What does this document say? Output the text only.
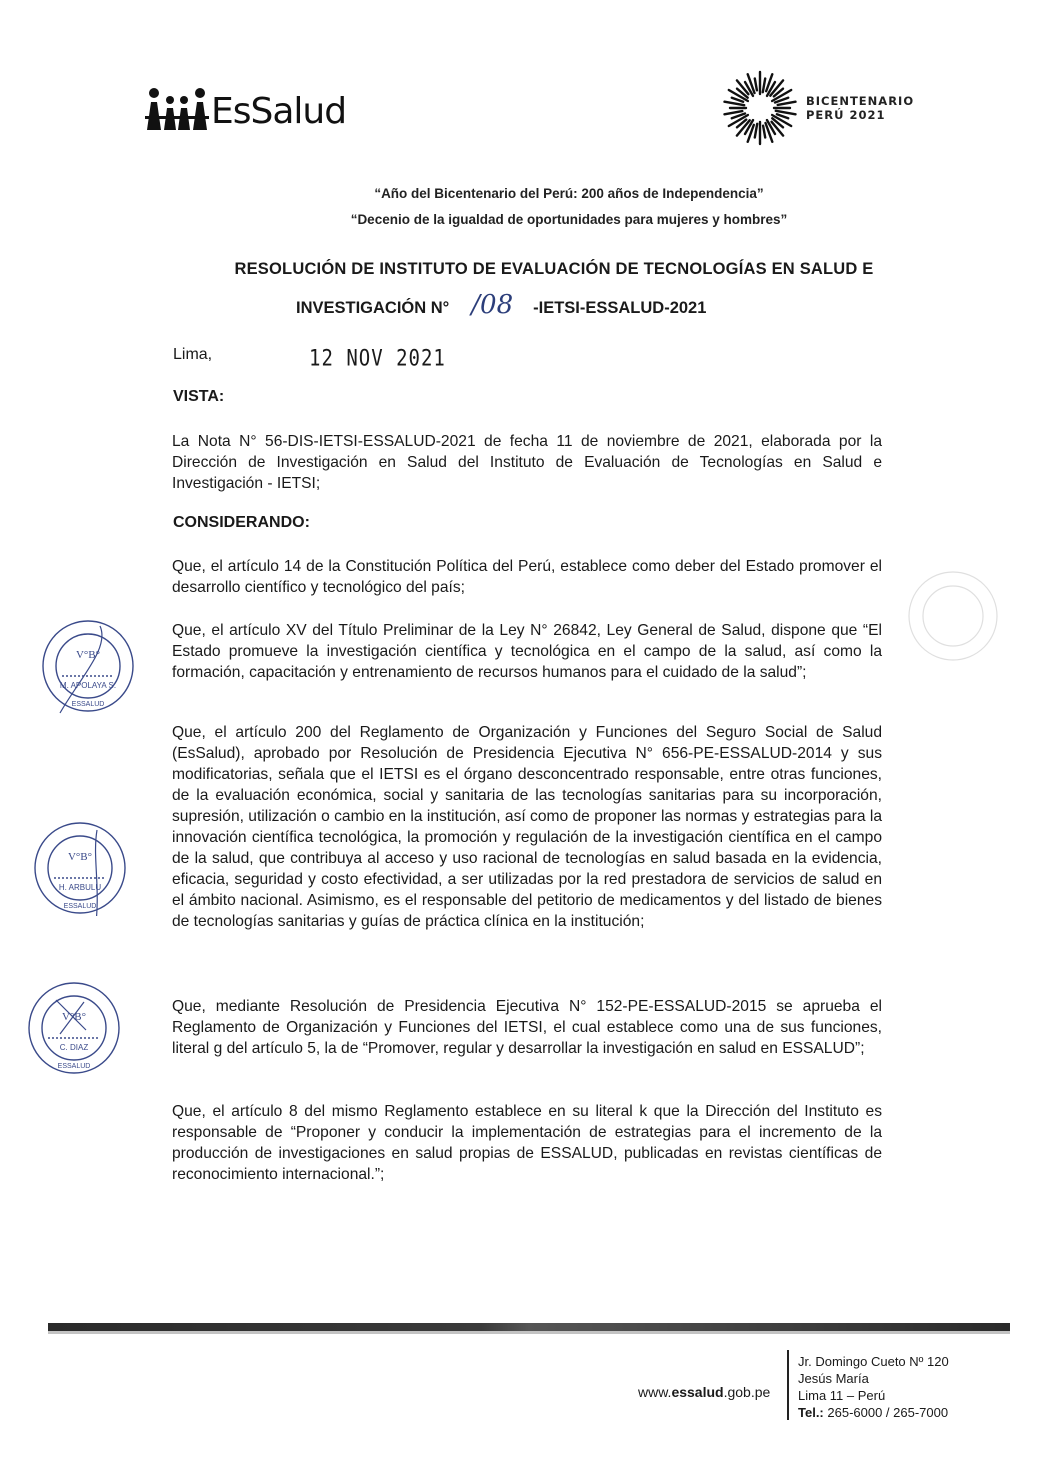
EsSalud	BICENTENARIO
PERÚ 2021
“Año del Bicentenario del Perú: 200 años de Independencia”
“Decenio de la igualdad de oportunidades para mujeres y hombres”
RESOLUCIÓN DE INSTITUTO DE EVALUACIÓN DE TECNOLOGÍAS EN SALUD E
INVESTIGACIÓN N° /08 -IETSI-ESSALUD-2021
Lima,	12 NOV 2021
VISTA:
La Nota N° 56-DIS-IETSI-ESSALUD-2021 de fecha 11 de noviembre de 2021, elaborada por la Dirección de Investigación en Salud del Instituto de Evaluación de Tecnologías en Salud e Investigación - IETSI;
CONSIDERANDO:
Que, el artículo 14 de la Constitución Política del Perú, establece como deber del Estado promover el desarrollo científico y tecnológico del país;
Que, el artículo XV del Título Preliminar de la Ley N° 26842, Ley General de Salud, dispone que “El Estado promueve la investigación científica y tecnológica en el campo de la salud, así como la formación, capacitación y entrenamiento de recursos humanos para el cuidado de la salud”;
Que, el artículo 200 del Reglamento de Organización y Funciones del Seguro Social de Salud (EsSalud), aprobado por Resolución de Presidencia Ejecutiva N° 656-PE-ESSALUD-2014 y sus modificatorias, señala que el IETSI es el órgano desconcentrado responsable, entre otras funciones, de la evaluación económica, social y sanitaria de las tecnologías sanitarias para su incorporación, supresión, utilización o cambio en la institución, así como de proponer las normas y estrategias para la innovación científica tecnológica, la promoción y regulación de la investigación científica en el campo de la salud, que contribuya al acceso y uso racional de tecnologías en salud basada en la evidencia, eficacia, seguridad y costo efectividad, a ser utilizadas por la red prestadora de servicios de salud en el ámbito nacional. Asimismo, es el responsable del petitorio de medicamentos y del listado de bienes de tecnologías sanitarias y guías de práctica clínica en la institución;
Que, mediante Resolución de Presidencia Ejecutiva N° 152-PE-ESSALUD-2015 se aprueba el Reglamento de Organización y Funciones del IETSI, el cual establece como una de sus funciones, literal g del artículo 5, la de “Promover, regular y desarrollar la investigación en salud en ESSALUD”;
Que, el artículo 8 del mismo Reglamento establece en su literal k que la Dirección del Instituto es responsable de “Proponer y conducir la implementación de estrategias para el incremento de la producción de investigaciones en salud propias de ESSALUD, publicadas en revistas científicas de reconocimiento internacional.”;
V°B°
M. APOLAYA S.
ESSALUD
V°B°
H. ARBULU
ESSALUD
V°B°
C. DIAZ
ESSALUD
www.essalud.gob.pe
Jr. Domingo Cueto Nº 120
Jesús María
Lima 11 – Perú
Tel.: 265-6000 / 265-7000
